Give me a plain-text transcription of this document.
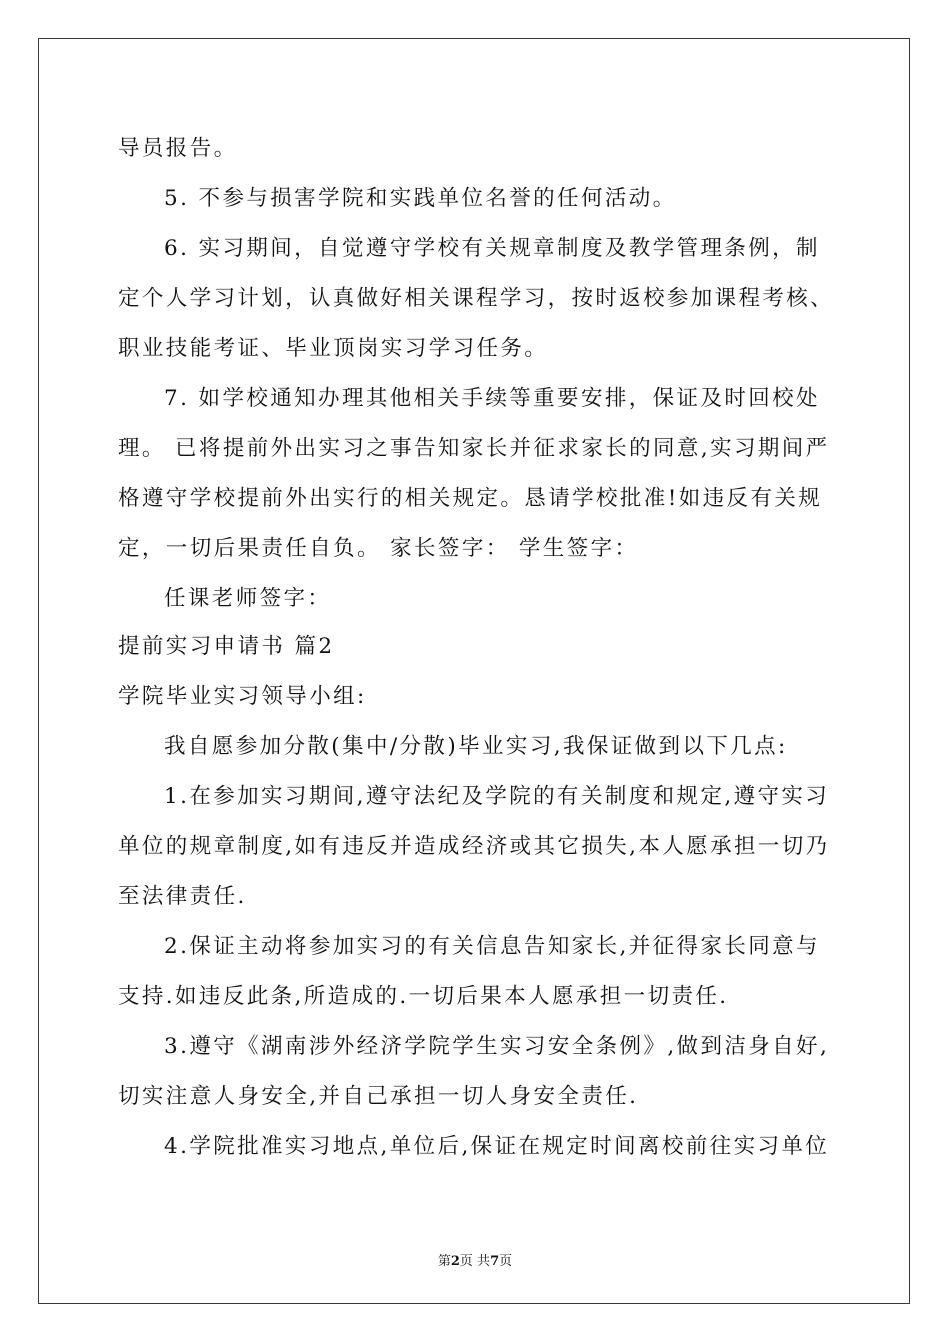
导员报告。
5. 不参与损害学院和实践单位名誉的任何活动。
6. 实习期间，自觉遵守学校有关规章制度及教学管理条例，制
定个人学习计划，认真做好相关课程学习，按时返校参加课程考核、
职业技能考证、毕业顶岗实习学习任务。
7. 如学校通知办理其他相关手续等重要安排，保证及时回校处
理。 已将提前外出实习之事告知家长并征求家长的同意,实习期间严
格遵守学校提前外出实行的相关规定。恳请学校批准!如违反有关规
定，一切后果责任自负。 家长签字： 学生签字：
任课老师签字：
提前实习申请书 篇2
学院毕业实习领导小组:
我自愿参加分散(集中/分散)毕业实习,我保证做到以下几点:
1.在参加实习期间,遵守法纪及学院的有关制度和规定,遵守实习
单位的规章制度,如有违反并造成经济或其它损失,本人愿承担一切乃
至法律责任.
2.保证主动将参加实习的有关信息告知家长,并征得家长同意与
支持.如违反此条,所造成的.一切后果本人愿承担一切责任.
3.遵守《湖南涉外经济学院学生实习安全条例》,做到洁身自好,
切实注意人身安全,并自己承担一切人身安全责任.
4.学院批准实习地点,单位后,保证在规定时间离校前往实习单位
第2页 共7页
